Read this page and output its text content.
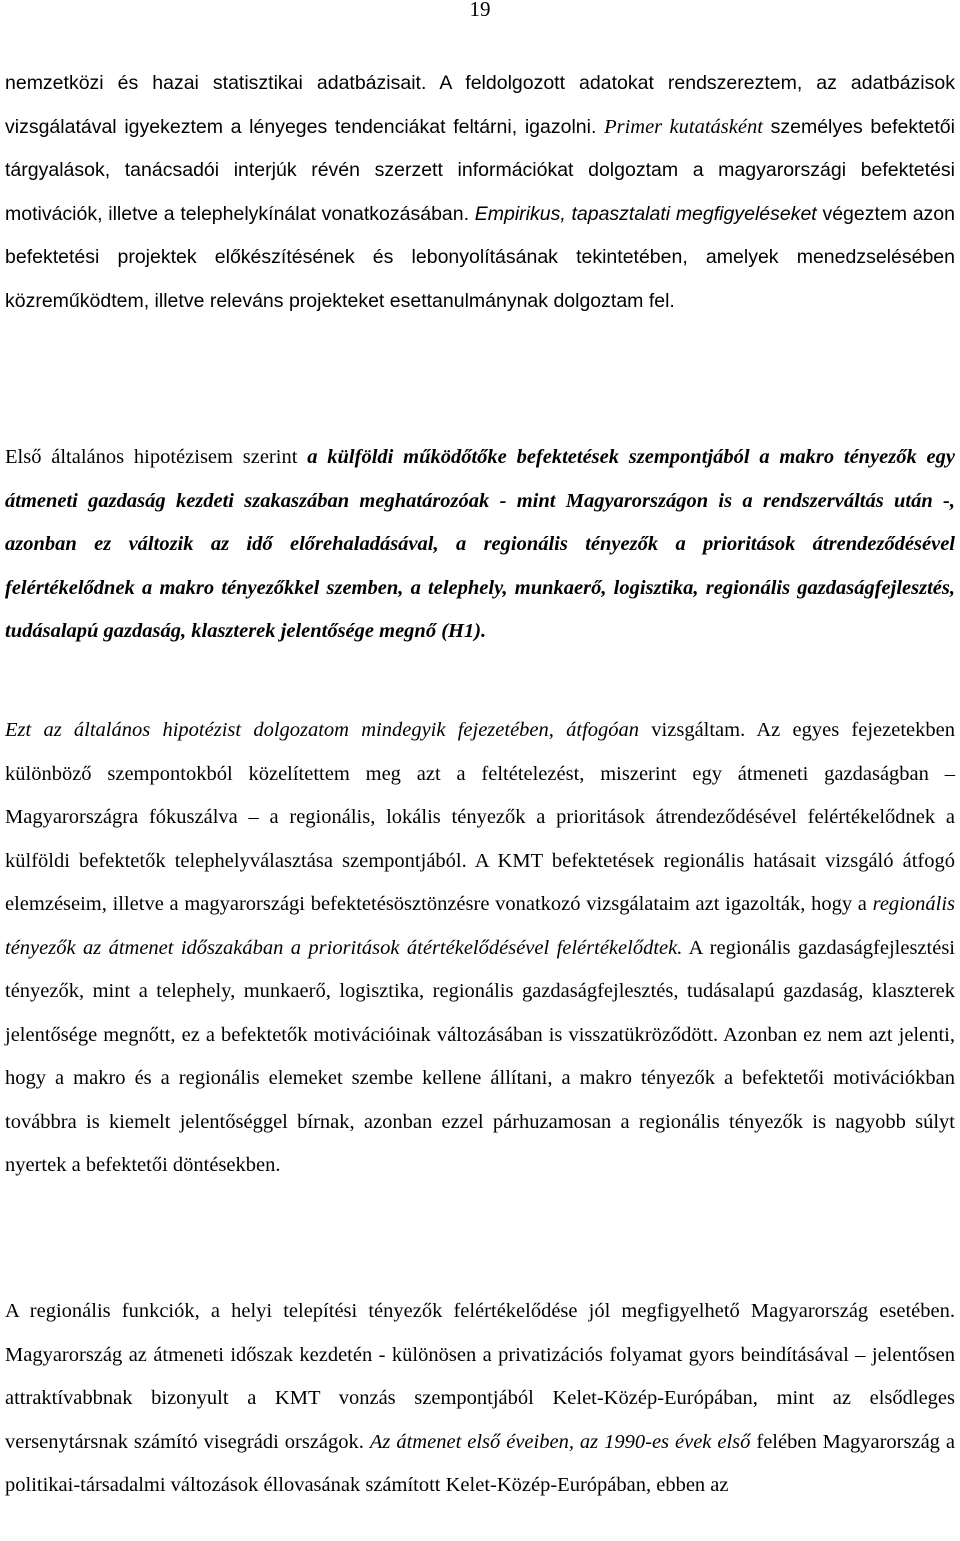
19
nemzetközi és hazai statisztikai adatbázisait. A feldolgozott adatokat rendszereztem, az adatbázisok vizsgálatával igyekeztem a lényeges tendenciákat feltárni, igazolni. Primer kutatásként személyes befektetői tárgyalások, tanácsadói interjúk révén szerzett információkat dolgoztam a magyarországi befektetési motivációk, illetve a telephelykínálat vonatkozásában. Empirikus, tapasztalati megfigyeléseket végeztem azon befektetési projektek előkészítésének és lebonyolításának tekintetében, amelyek menedzselésében közreműködtem, illetve releváns projekteket esettanulmánynak dolgoztam fel.
Első általános hipotézisem szerint a külföldi működőtőke befektetések szempontjából a makro tényezők egy átmeneti gazdaság kezdeti szakaszában meghatározóak - mint Magyarországon is a rendszerváltás után -, azonban ez változik az idő előrehaladásával, a regionális tényezők a prioritások átrendeződésével felértékelődnek a makro tényezőkkel szemben, a telephely, munkaerő, logisztika, regionális gazdaságfejlesztés, tudásalapú gazdaság, klaszterek jelentősége megnő (H1).
Ezt az általános hipotézist dolgozatom mindegyik fejezetében, átfogóan vizsgáltam. Az egyes fejezetekben különböző szempontokból közelítettem meg azt a feltételezést, miszerint egy átmeneti gazdaságban – Magyarországra fókuszálva – a regionális, lokális tényezők a prioritások átrendeződésével felértékelődnek a külföldi befektetők telephelyválasztása szempontjából. A KMT befektetések regionális hatásait vizsgáló átfogó elemzéseim, illetve a magyarországi befektetésösztönzésre vonatkozó vizsgálataim azt igazolták, hogy a regionális tényezők az átmenet időszakában a prioritások átértékelődésével felértékelődtek. A regionális gazdaságfejlesztési tényezők, mint a telephely, munkaerő, logisztika, regionális gazdaságfejlesztés, tudásalapú gazdaság, klaszterek jelentősége megnőtt, ez a befektetők motivációinak változásában is visszatükröződött. Azonban ez nem azt jelenti, hogy a makro és a regionális elemeket szembe kellene állítani, a makro tényezők a befektetői motivációkban továbbra is kiemelt jelentőséggel bírnak, azonban ezzel párhuzamosan a regionális tényezők is nagyobb súlyt nyertek a befektetői döntésekben.
A regionális funkciók, a helyi telepítési tényezők felértékelődése jól megfigyelhető Magyarország esetében. Magyarország az átmeneti időszak kezdetén - különösen a privatizációs folyamat gyors beindításával – jelentősen attraktívabbnak bizonyult a KMT vonzás szempontjából Kelet-Közép-Európában, mint az elsődleges versenytársnak számító visegrádi országok. Az átmenet első éveiben, az 1990-es évek első felében Magyarország a politikai-társadalmi változások éllovasának számított Kelet-Közép-Európában, ebben az
